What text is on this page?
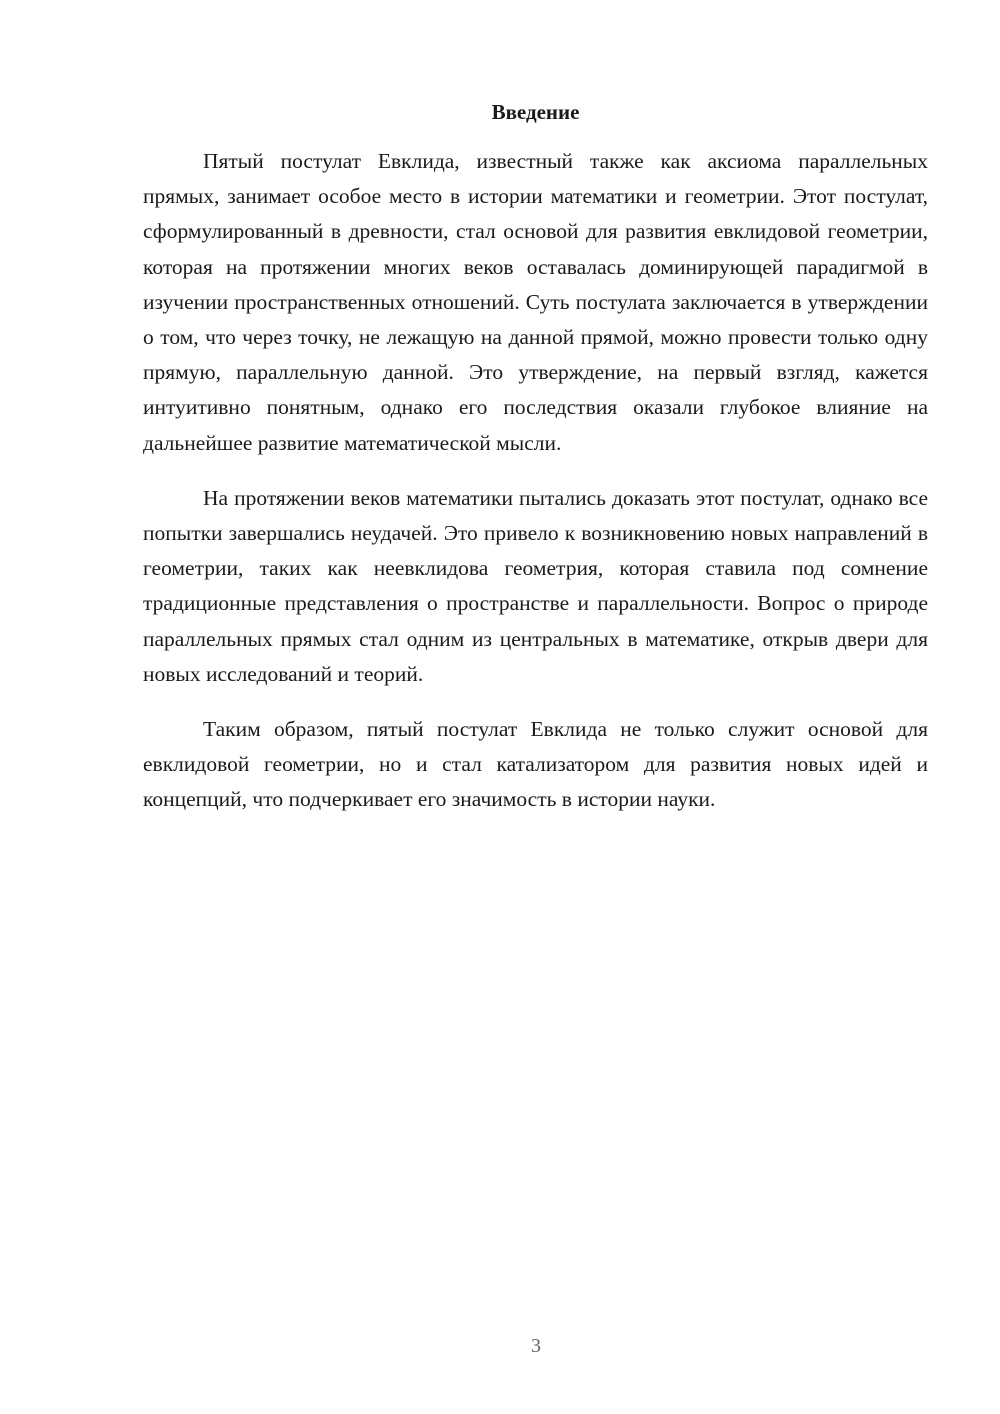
Введение

Пятый постулат Евклида, известный также как аксиома параллельных прямых, занимает особое место в истории математики и геометрии. Этот постулат, сформулированный в древности, стал основой для развития евклидовой геометрии, которая на протяжении многих веков оставалась доминирующей парадигмой в изучении пространственных отношений. Суть постулата заключается в утверждении о том, что через точку, не лежащую на данной прямой, можно провести только одну прямую, параллельную данной. Это утверждение, на первый взгляд, кажется интуитивно понятным, однако его последствия оказали глубокое влияние на дальнейшее развитие математической мысли.

На протяжении веков математики пытались доказать этот постулат, однако все попытки завершались неудачей. Это привело к возникновению новых направлений в геометрии, таких как неевклидова геометрия, которая ставила под сомнение традиционные представления о пространстве и параллельности. Вопрос о природе параллельных прямых стал одним из центральных в математике, открыв двери для новых исследований и теорий.

Таким образом, пятый постулат Евклида не только служит основой для евклидовой геометрии, но и стал катализатором для развития новых идей и концепций, что подчеркивает его значимость в истории науки.

3
